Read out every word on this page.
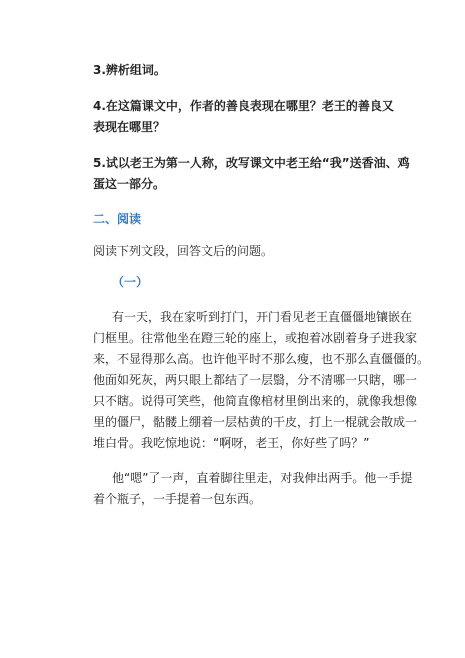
3.辨析组词。
4.在这篇课文中，作者的善良表现在哪里？老王的善良又
表现在哪里？
5.试以老王为第一人称，改写课文中老王给“我”送香油、鸡
蛋这一部分。
二、阅读
阅读下列文段，回答文后的问题。
（一）
有一天，我在家听到打门，开门看见老王直僵僵地镶嵌在
门框里。往常他坐在蹬三轮的座上，或抱着冰剧着身子进我家
来，不显得那么高。也许他平时不那么瘦，也不那么直僵僵的。
他面如死灰，两只眼上都结了一层翳，分不清哪一只瞎，哪一
只不瞎。说得可笑些，他简直像棺材里倒出来的，就像我想像
里的僵尸，骷髅上绷着一层枯黄的干皮，打上一棍就会散成一
堆白骨。我吃惊地说：“啊呀，老王，你好些了吗？”
他“嗯”了一声，直着脚往里走，对我伸出两手。他一手提
着个瓶子，一手提着一包东西。
